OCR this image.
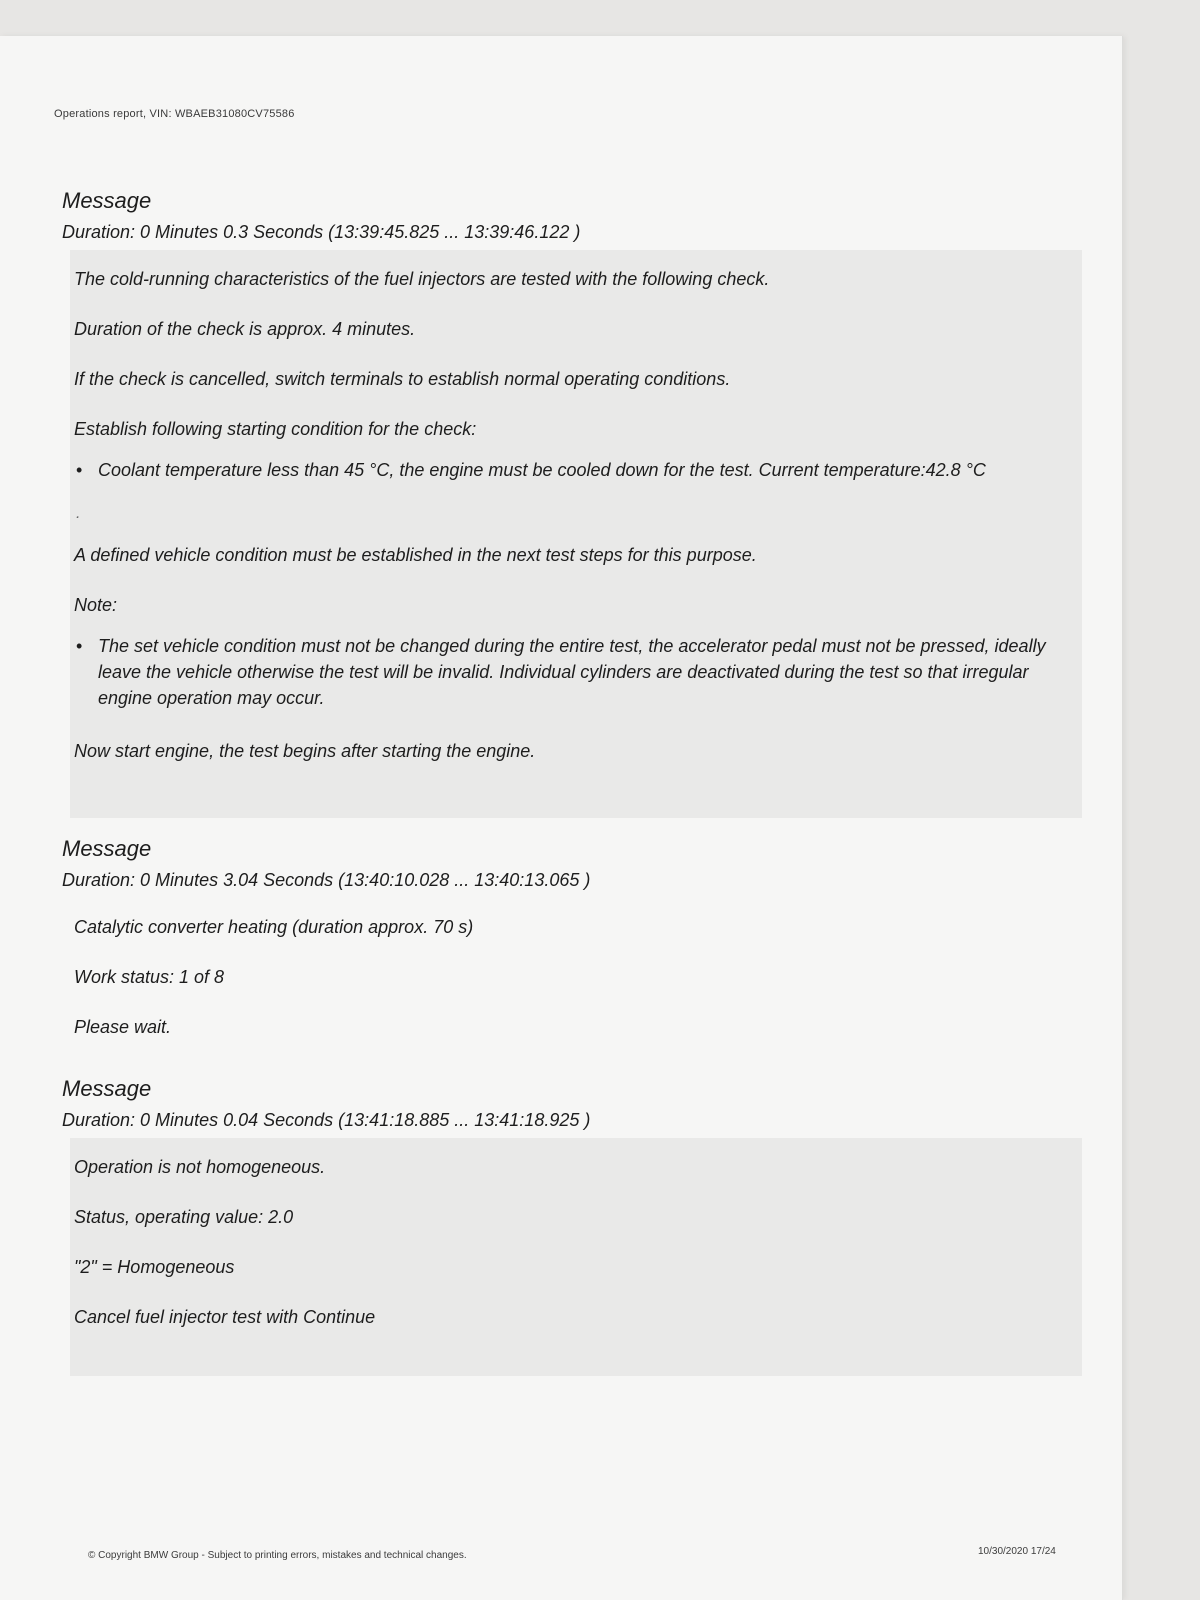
Operations report, VIN: WBAEB31080CV75586
Message
Duration: 0 Minutes 0.3 Seconds (13:39:45.825 ... 13:39:46.122 )
The cold-running characteristics of the fuel injectors are tested with the following check.
Duration of the check is approx. 4 minutes.
If the check is cancelled, switch terminals to establish normal operating conditions.
Establish following starting condition for the check:
• Coolant temperature less than 45 °C, the engine must be cooled down for the test. Current temperature:42.8 °C
.
A defined vehicle condition must be established in the next test steps for this purpose.
Note:
• The set vehicle condition must not be changed during the entire test, the accelerator pedal must not be pressed, ideally leave the vehicle otherwise the test will be invalid. Individual cylinders are deactivated during the test so that irregular engine operation may occur.
Now start engine, the test begins after starting the engine.
Message
Duration: 0 Minutes 3.04 Seconds (13:40:10.028 ... 13:40:13.065 )
Catalytic converter heating (duration approx. 70 s)
Work status: 1 of 8
Please wait.
Message
Duration: 0 Minutes 0.04 Seconds (13:41:18.885 ... 13:41:18.925 )
Operation is not homogeneous.
Status, operating value: 2.0
"2" = Homogeneous
Cancel fuel injector test with Continue
© Copyright BMW Group - Subject to printing errors, mistakes and technical changes.	10/30/2020 17/24
